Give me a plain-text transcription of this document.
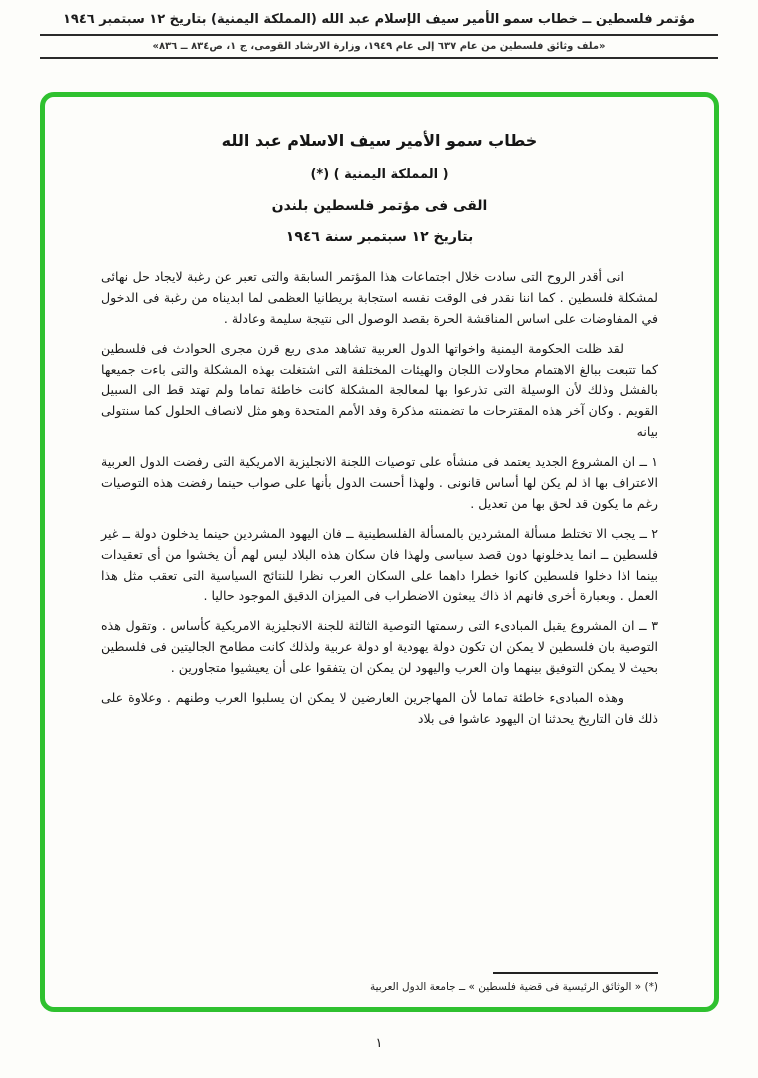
مؤتمر فلسطين ــ خطاب سمو الأمير سيف الإسلام عبد الله (المملكة اليمنية) بتاريخ ١٢ سبتمبر ١٩٤٦
«ملف وثائق فلسطين من عام ٦٣٧ إلى عام ١٩٤٩، وزارة الارشاد القومى، ج ١، ص٨٣٤ ــ ٨٣٦»
خطاب سمو الأمير سيف الاسلام عبد الله
( المملكة اليمنية ) (*)
القى فى مؤتمر فلسطين بلندن
بتاريخ ١٢ سبتمبر سنة ١٩٤٦

انى أقدر الروح التى سادت خلال اجتماعات هذا المؤتمر السابقة والتى تعبر عن رغبة لايجاد حل نهائى لمشكلة فلسطين . كما اننا نقدر فى الوقت نفسه استجابة بريطانيا العظمى لما ابديناه من رغبة فى الدخول في المفاوضات على اساس المناقشة الحرة بقصد الوصول الى نتيجة سليمة وعادلة .

لقد ظلت الحكومة اليمنية واخواتها الدول العربية تشاهد مدى ربع قرن مجرى الحوادث فى فلسطين كما تتبعت ببالغ الاهتمام محاولات اللجان والهيئات المختلفة التى اشتغلت بهذه المشكلة والتى باءت جميعها بالفشل وذلك لأن الوسيلة التى تذرعوا بها لمعالجة المشكلة كانت خاطئة تماما ولم تهتد قط الى السبيل القويم . وكان آخر هذه المقترحات ما تضمنته مذكرة وفد الأمم المتحدة وهو مثل لانصاف الحلول كما سنتولى بيانه

١ ــ ان المشروع الجديد يعتمد فى منشأه على توصيات اللجنة الانجليزية الامريكية التى رفضت الدول العربية الاعتراف بها اذ لم يكن لها أساس قانونى . ولهذا أحست الدول بأنها على صواب حينما رفضت هذه التوصيات رغم ما يكون قد لحق بها من تعديل .

٢ ــ يجب الا تختلط مسألة المشردين بالمسألة الفلسطينية ــ فان اليهود المشردين حينما يدخلون دولة ــ غير فلسطين ــ انما يدخلونها دون قصد سياسى ولهذا فان سكان هذه البلاد ليس لهم أن يخشوا من أى تعقيدات بينما اذا دخلوا فلسطين كانوا خطرا داهما على السكان العرب نظرا للنتائج السياسية التى تعقب مثل هذا العمل . وبعبارة أخرى فانهم اذ ذاك يبعثون الاضطراب فى الميزان الدقيق الموجود حاليا .

٣ ــ ان المشروع يقبل المبادىء التى رسمتها التوصية الثالثة للجنة الانجليزية الامريكية كأساس . وتقول هذه التوصية بان فلسطين لا يمكن ان تكون دولة يهودية او دولة عربية ولذلك كانت مطامح الجاليتين فى فلسطين بحيث لا يمكن التوفيق بينهما وان العرب واليهود لن يمكن ان يتفقوا على أن يعيشيوا متجاورين .

وهذه المبادىء خاطئة تماما لأن المهاجرين العارضين لا يمكن ان يسلبوا العرب وطنهم . وعلاوة على ذلك فان التاريخ يحدثنا ان اليهود عاشوا فى بلاد

(*) « الوثائق الرئيسية فى قضية فلسطين » ــ جامعة الدول العربية
١
